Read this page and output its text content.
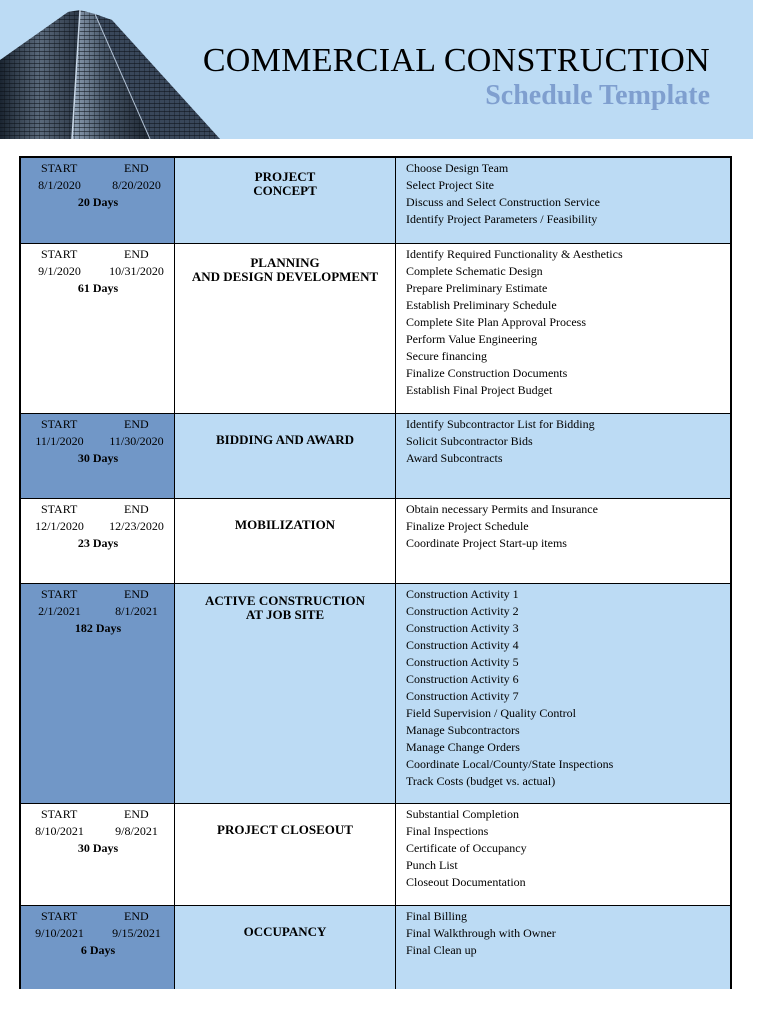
COMMERCIAL CONSTRUCTION
Schedule Template
START	END
8/1/2020	8/20/2020
20 Days
PROJECT
CONCEPT
Choose Design Team
Select Project Site
Discuss and Select Construction Service
Identify Project Parameters / Feasibility
START	END
9/1/2020	10/31/2020
61 Days
PLANNING
AND DESIGN DEVELOPMENT
Identify Required Functionality & Aesthetics
Complete Schematic Design
Prepare Preliminary Estimate
Establish Preliminary Schedule
Complete Site Plan Approval Process
Perform Value Engineering
Secure financing
Finalize Construction Documents
Establish Final Project Budget
START	END
11/1/2020	11/30/2020
30 Days
BIDDING AND AWARD
Identify Subcontractor List for Bidding
Solicit Subcontractor Bids
Award Subcontracts
START	END
12/1/2020	12/23/2020
23 Days
MOBILIZATION
Obtain necessary Permits and Insurance
Finalize Project Schedule
Coordinate Project Start-up items
START	END
2/1/2021	8/1/2021
182 Days
ACTIVE CONSTRUCTION
AT JOB SITE
Construction Activity 1
Construction Activity 2
Construction Activity 3
Construction Activity 4
Construction Activity 5
Construction Activity 6
Construction Activity 7
Field Supervision / Quality Control
Manage Subcontractors
Manage Change Orders
Coordinate Local/County/State Inspections
Track Costs (budget vs. actual)
START	END
8/10/2021	9/8/2021
30 Days
PROJECT CLOSEOUT
Substantial Completion
Final Inspections
Certificate of Occupancy
Punch List
Closeout Documentation
START	END
9/10/2021	9/15/2021
6 Days
OCCUPANCY
Final Billing
Final Walkthrough with Owner
Final Clean up
